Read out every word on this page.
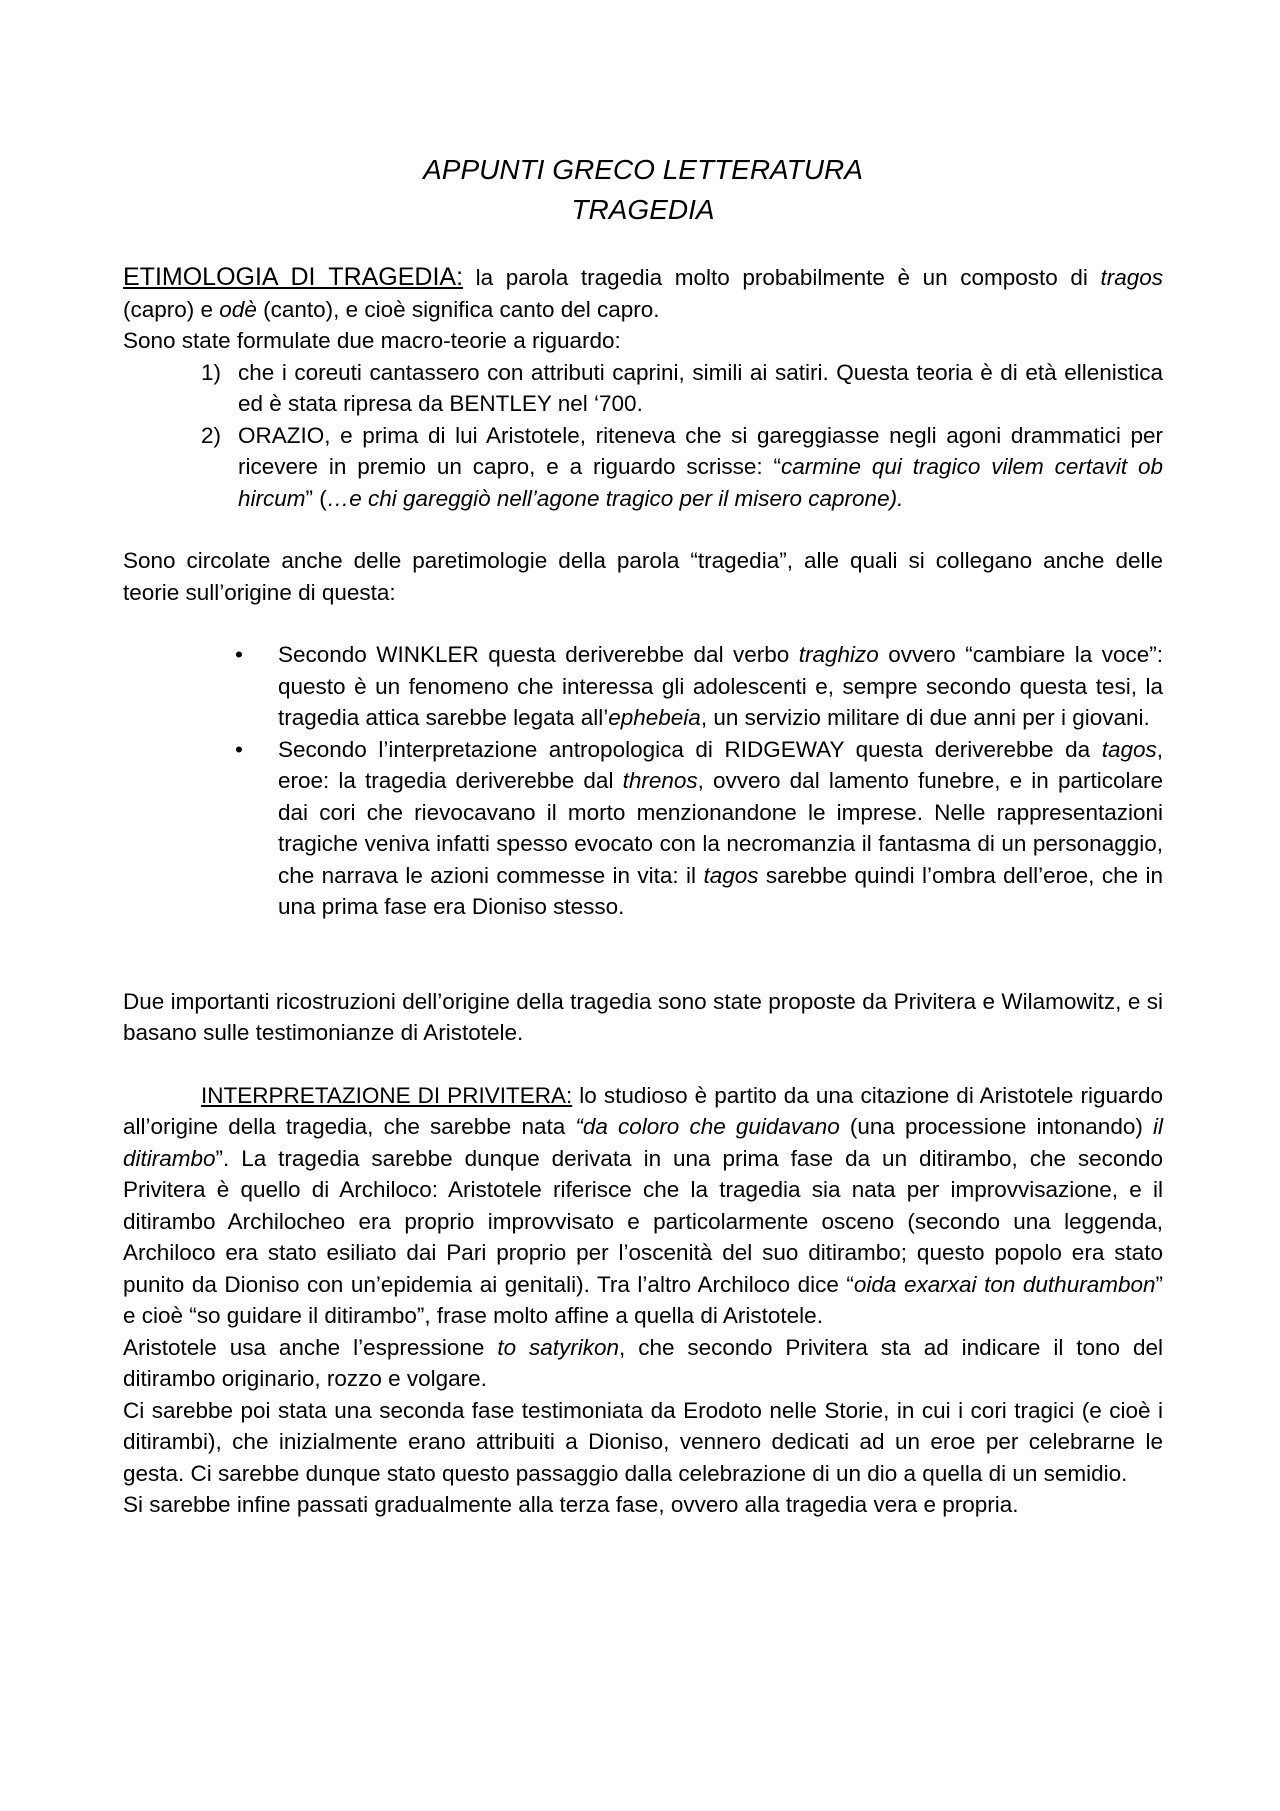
APPUNTI GRECO LETTERATURA

TRAGEDIA

ETIMOLOGIA DI TRAGEDIA: la parola tragedia molto probabilmente è un composto di tragos (capro) e odè (canto), e cioè significa canto del capro.

Sono state formulate due macro-teorie a riguardo:

1) che i coreuti cantassero con attributi caprini, simili ai satiri. Questa teoria è di età ellenistica ed è stata ripresa da BENTLEY nel ‘700.
2) ORAZIO, e prima di lui Aristotele, riteneva che si gareggiasse negli agoni drammatici per ricevere in premio un capro, e a riguardo scrisse: “carmine qui tragico vilem certavit ob hircum” (…e chi gareggiò nell’agone tragico per il misero caprone).

Sono circolate anche delle paretimologie della parola “tragedia”, alle quali si collegano anche delle teorie sull’origine di questa:

• Secondo WINKLER questa deriverebbe dal verbo traghizo ovvero “cambiare la voce”: questo è un fenomeno che interessa gli adolescenti e, sempre secondo questa tesi, la tragedia attica sarebbe legata all’ephebeia, un servizio militare di due anni per i giovani.
• Secondo l’interpretazione antropologica di RIDGEWAY questa deriverebbe da tagos, eroe: la tragedia deriverebbe dal threnos, ovvero dal lamento funebre, e in particolare dai cori che rievocavano il morto menzionandone le imprese. Nelle rappresentazioni tragiche veniva infatti spesso evocato con la necromanzia il fantasma di un personaggio, che narrava le azioni commesse in vita: il tagos sarebbe quindi l’ombra dell’eroe, che in una prima fase era Dioniso stesso.

Due importanti ricostruzioni dell’origine della tragedia sono state proposte da Privitera e Wilamowitz, e si basano sulle testimonianze di Aristotele.

INTERPRETAZIONE DI PRIVITERA: lo studioso è partito da una citazione di Aristotele riguardo all’origine della tragedia, che sarebbe nata “da coloro che guidavano (una processione intonando) il ditirambo”. La tragedia sarebbe dunque derivata in una prima fase da un ditirambo, che secondo Privitera è quello di Archiloco: Aristotele riferisce che la tragedia sia nata per improvvisazione, e il ditirambo Archilocheo era proprio improvvisato e particolarmente osceno (secondo una leggenda, Archiloco era stato esiliato dai Pari proprio per l’oscenità del suo ditirambo; questo popolo era stato punito da Dioniso con un’epidemia ai genitali). Tra l’altro Archiloco dice “oida exarxai ton duthurambon” e cioè “so guidare il ditirambo”, frase molto affine a quella di Aristotele.

Aristotele usa anche l’espressione to satyrikon, che secondo Privitera sta ad indicare il tono del ditirambo originario, rozzo e volgare.

Ci sarebbe poi stata una seconda fase testimoniata da Erodoto nelle Storie, in cui i cori tragici (e cioè i ditirambi), che inizialmente erano attribuiti a Dioniso, vennero dedicati ad un eroe per celebrarne le gesta. Ci sarebbe dunque stato questo passaggio dalla celebrazione di un dio a quella di un semidio.

Si sarebbe infine passati gradualmente alla terza fase, ovvero alla tragedia vera e propria.
